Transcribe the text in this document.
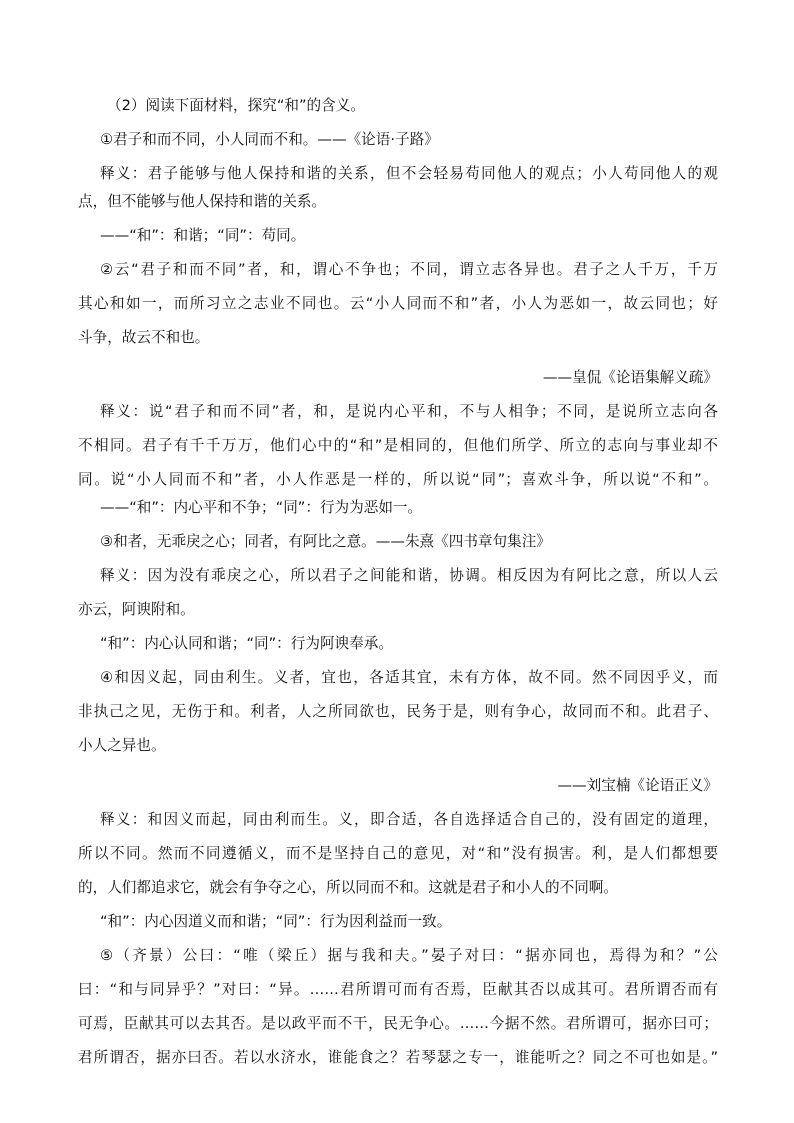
（2）阅读下面材料，探究“和”的含义。
①君子和而不同，小人同而不和。——《论语·子路》
释义：君子能够与他人保持和谐的关系，但不会轻易苟同他人的观点；小人苟同他人的观
点，但不能够与他人保持和谐的关系。
——“和”：和谐；“同”：苟同。
②云“君子和而不同”者，和，谓心不争也；不同，谓立志各异也。君子之人千万，千万
其心和如一，而所习立之志业不同也。云“小人同而不和”者，小人为恶如一，故云同也；好
斗争，故云不和也。
——皇侃《论语集解义疏》
释义：说“君子和而不同”者，和，是说内心平和，不与人相争；不同，是说所立志向各
不相同。君子有千千万万，他们心中的“和”是相同的，但他们所学、所立的志向与事业却不
同。说“小人同而不和”者，小人作恶是一样的，所以说“同”；喜欢斗争，所以说“不和”。
——“和”：内心平和不争；“同”：行为为恶如一。
③和者，无乖戾之心；同者，有阿比之意。——朱熹《四书章句集注》
释义：因为没有乖戾之心，所以君子之间能和谐，协调。相反因为有阿比之意，所以人云
亦云，阿谀附和。
“和”：内心认同和谐；“同”：行为阿谀奉承。
④和因义起，同由利生。义者，宜也，各适其宜，未有方体，故不同。然不同因乎义，而
非执己之见，无伤于和。利者，人之所同欲也，民务于是，则有争心，故同而不和。此君子、
小人之异也。
——刘宝楠《论语正义》
释义：和因义而起，同由利而生。义，即合适，各自选择适合自己的，没有固定的道理，
所以不同。然而不同遵循义，而不是坚持自己的意见，对“和”没有损害。利，是人们都想要
的，人们都追求它，就会有争夺之心，所以同而不和。这就是君子和小人的不同啊。
“和”：内心因道义而和谐；“同”：行为因利益而一致。
⑤（齐景）公曰：“唯（梁丘）据与我和夫。”晏子对曰：“据亦同也，焉得为和？”公
曰：“和与同异乎？”对曰：“异。……君所谓可而有否焉，臣献其否以成其可。君所谓否而有
可焉，臣献其可以去其否。是以政平而不干，民无争心。……今据不然。君所谓可，据亦曰可；
君所谓否，据亦曰否。若以水济水，谁能食之？若琴瑟之专一，谁能听之？同之不可也如是。”
